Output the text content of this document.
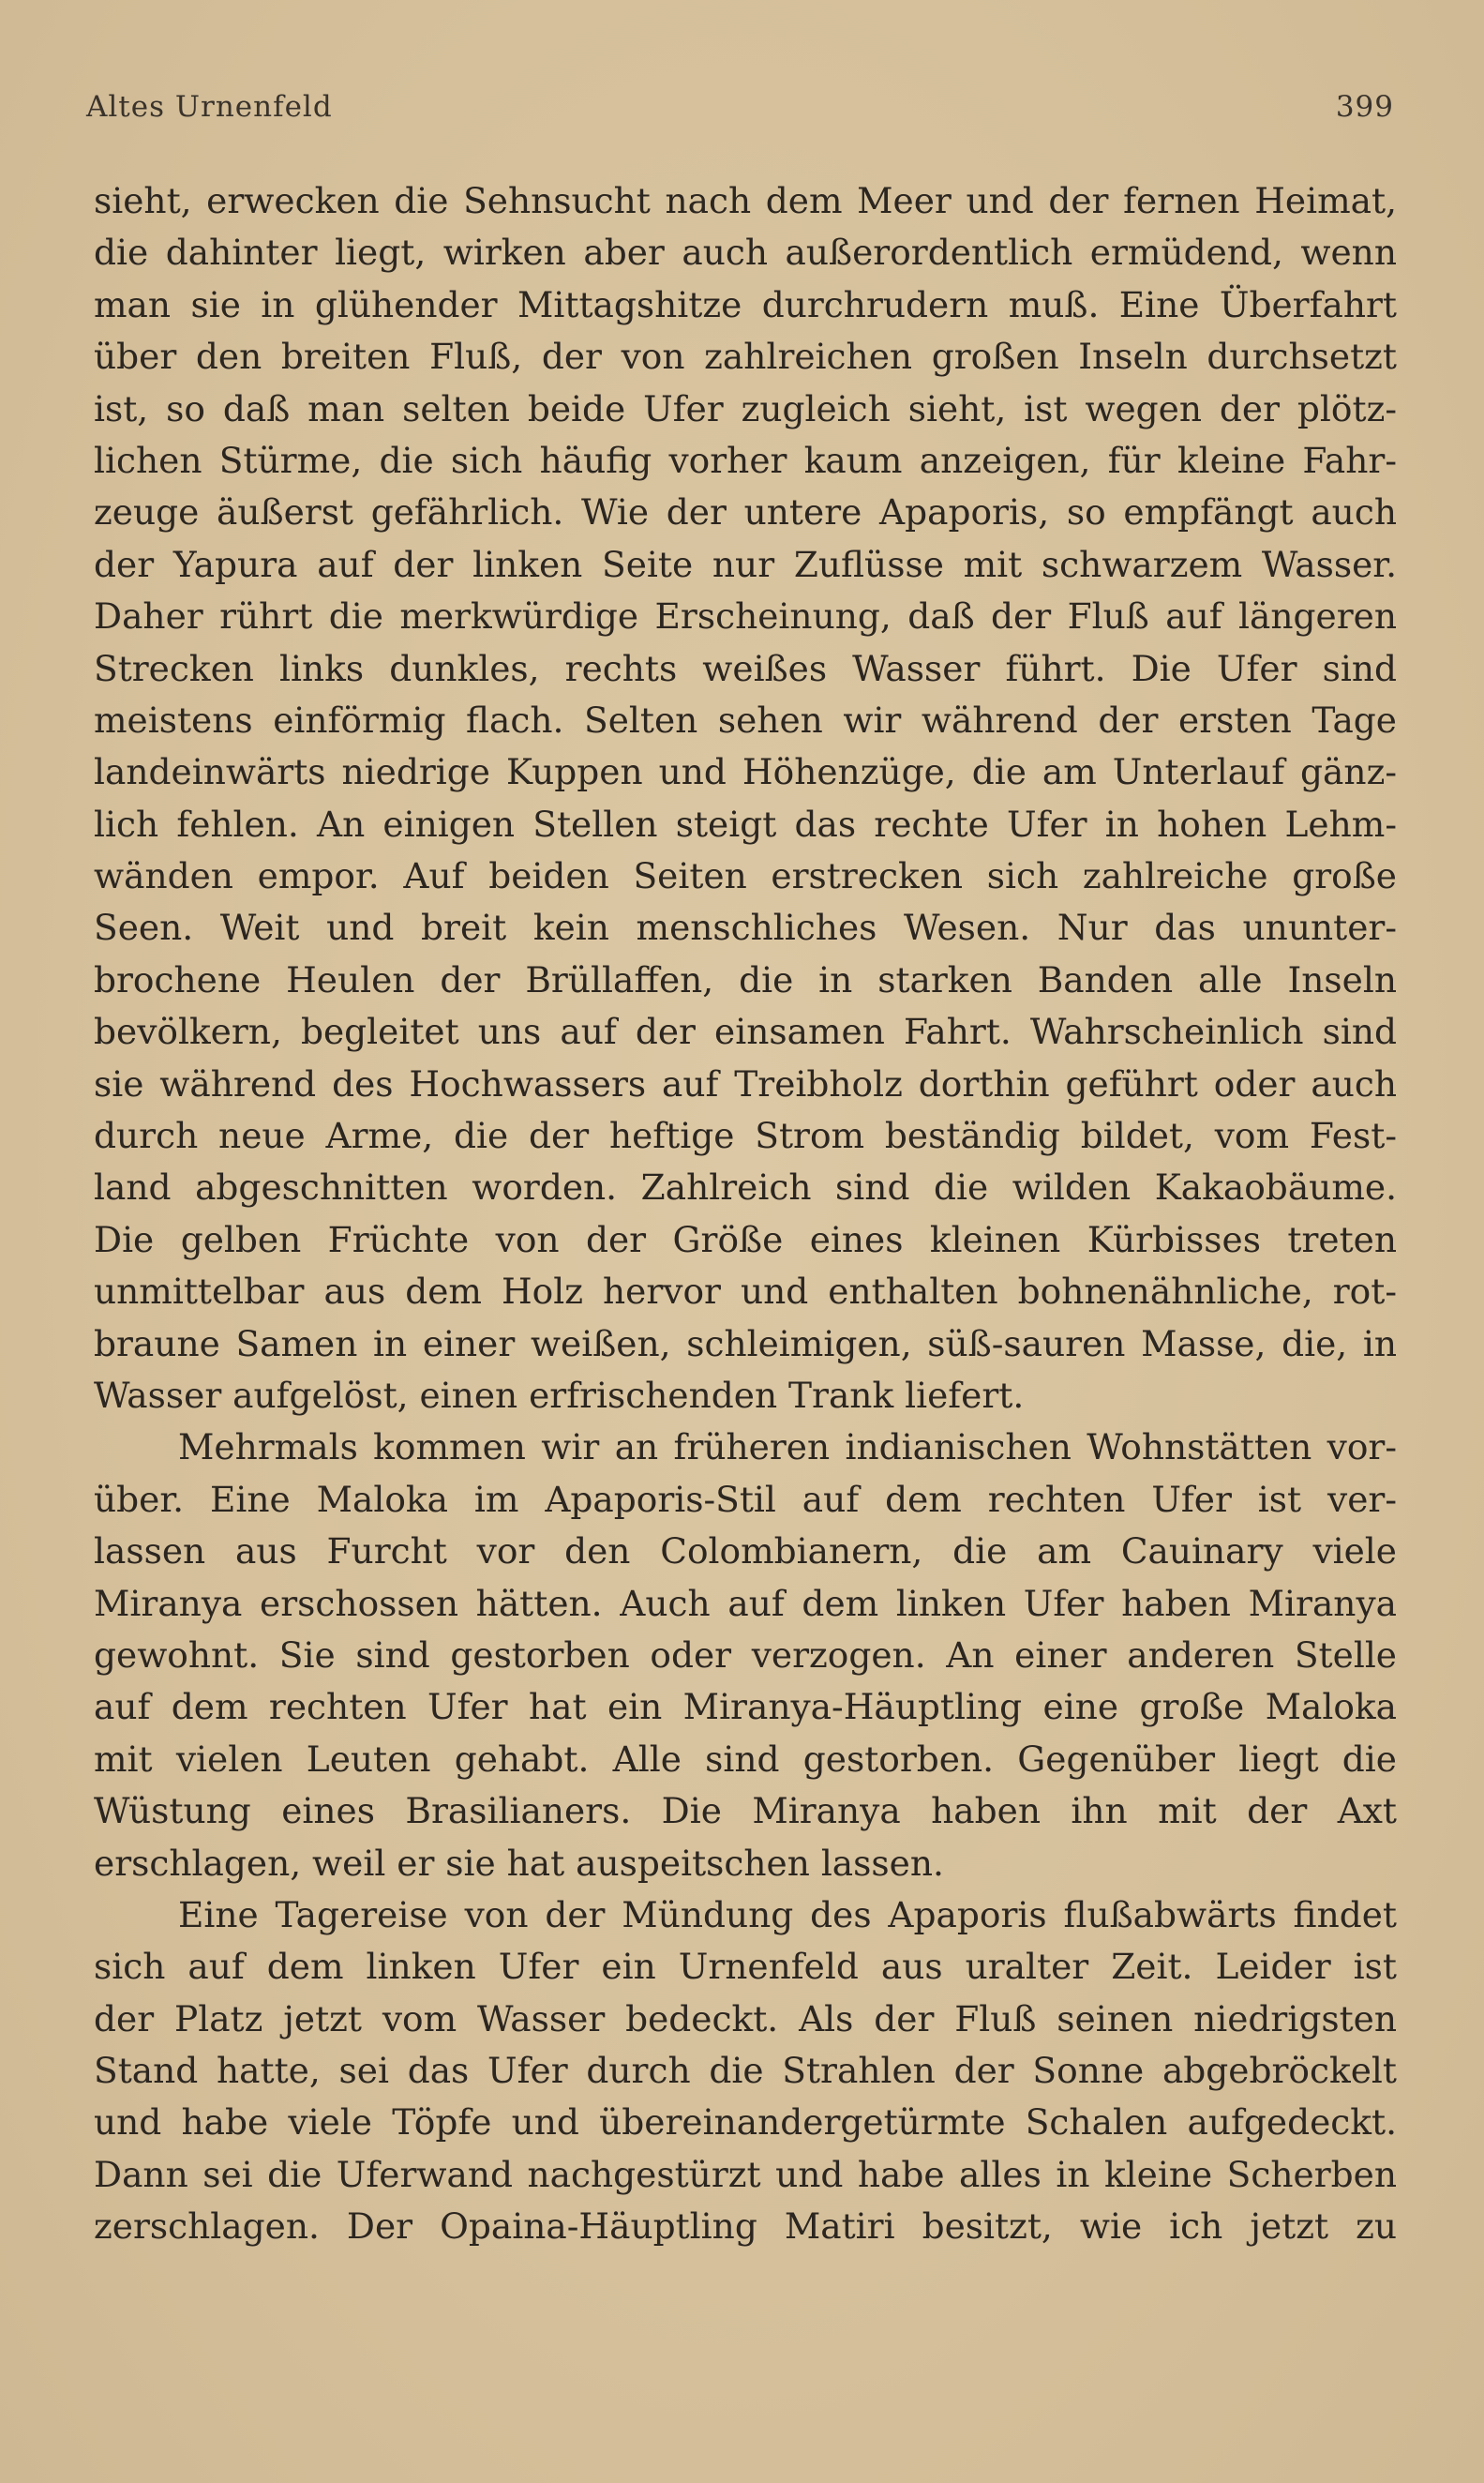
Altes Urnenfeld	399
sieht, erwecken die Sehnsucht nach dem Meer und der fernen Heimat,
die dahinter liegt, wirken aber auch außerordentlich ermüdend, wenn
man sie in glühender Mittagshitze durchrudern muß. Eine Überfahrt
über den breiten Fluß, der von zahlreichen großen Inseln durchsetzt
ist, so daß man selten beide Ufer zugleich sieht, ist wegen der plötz-
lichen Stürme, die sich häufig vorher kaum anzeigen, für kleine Fahr-
zeuge äußerst gefährlich. Wie der untere Apaporis, so empfängt auch
der Yapura auf der linken Seite nur Zuflüsse mit schwarzem Wasser.
Daher rührt die merkwürdige Erscheinung, daß der Fluß auf längeren
Strecken links dunkles, rechts weißes Wasser führt. Die Ufer sind
meistens einförmig flach. Selten sehen wir während der ersten Tage
landeinwärts niedrige Kuppen und Höhenzüge, die am Unterlauf gänz-
lich fehlen. An einigen Stellen steigt das rechte Ufer in hohen Lehm-
wänden empor. Auf beiden Seiten erstrecken sich zahlreiche große
Seen. Weit und breit kein menschliches Wesen. Nur das ununter-
brochene Heulen der Brüllaffen, die in starken Banden alle Inseln
bevölkern, begleitet uns auf der einsamen Fahrt. Wahrscheinlich sind
sie während des Hochwassers auf Treibholz dorthin geführt oder auch
durch neue Arme, die der heftige Strom beständig bildet, vom Fest-
land abgeschnitten worden. Zahlreich sind die wilden Kakaobäume.
Die gelben Früchte von der Größe eines kleinen Kürbisses treten
unmittelbar aus dem Holz hervor und enthalten bohnenähnliche, rot-
braune Samen in einer weißen, schleimigen, süß-sauren Masse, die, in
Wasser aufgelöst, einen erfrischenden Trank liefert.
Mehrmals kommen wir an früheren indianischen Wohnstätten vor-
über. Eine Maloka im Apaporis-Stil auf dem rechten Ufer ist ver-
lassen aus Furcht vor den Colombianern, die am Cauinary viele
Miranya erschossen hätten. Auch auf dem linken Ufer haben Miranya
gewohnt. Sie sind gestorben oder verzogen. An einer anderen Stelle
auf dem rechten Ufer hat ein Miranya-Häuptling eine große Maloka
mit vielen Leuten gehabt. Alle sind gestorben. Gegenüber liegt die
Wüstung eines Brasilianers. Die Miranya haben ihn mit der Axt
erschlagen, weil er sie hat auspeitschen lassen.
Eine Tagereise von der Mündung des Apaporis flußabwärts findet
sich auf dem linken Ufer ein Urnenfeld aus uralter Zeit. Leider ist
der Platz jetzt vom Wasser bedeckt. Als der Fluß seinen niedrigsten
Stand hatte, sei das Ufer durch die Strahlen der Sonne abgebröckelt
und habe viele Töpfe und übereinandergetürmte Schalen aufgedeckt.
Dann sei die Uferwand nachgestürzt und habe alles in kleine Scherben
zerschlagen. Der Opaina-Häuptling Matiri besitzt, wie ich jetzt zu
